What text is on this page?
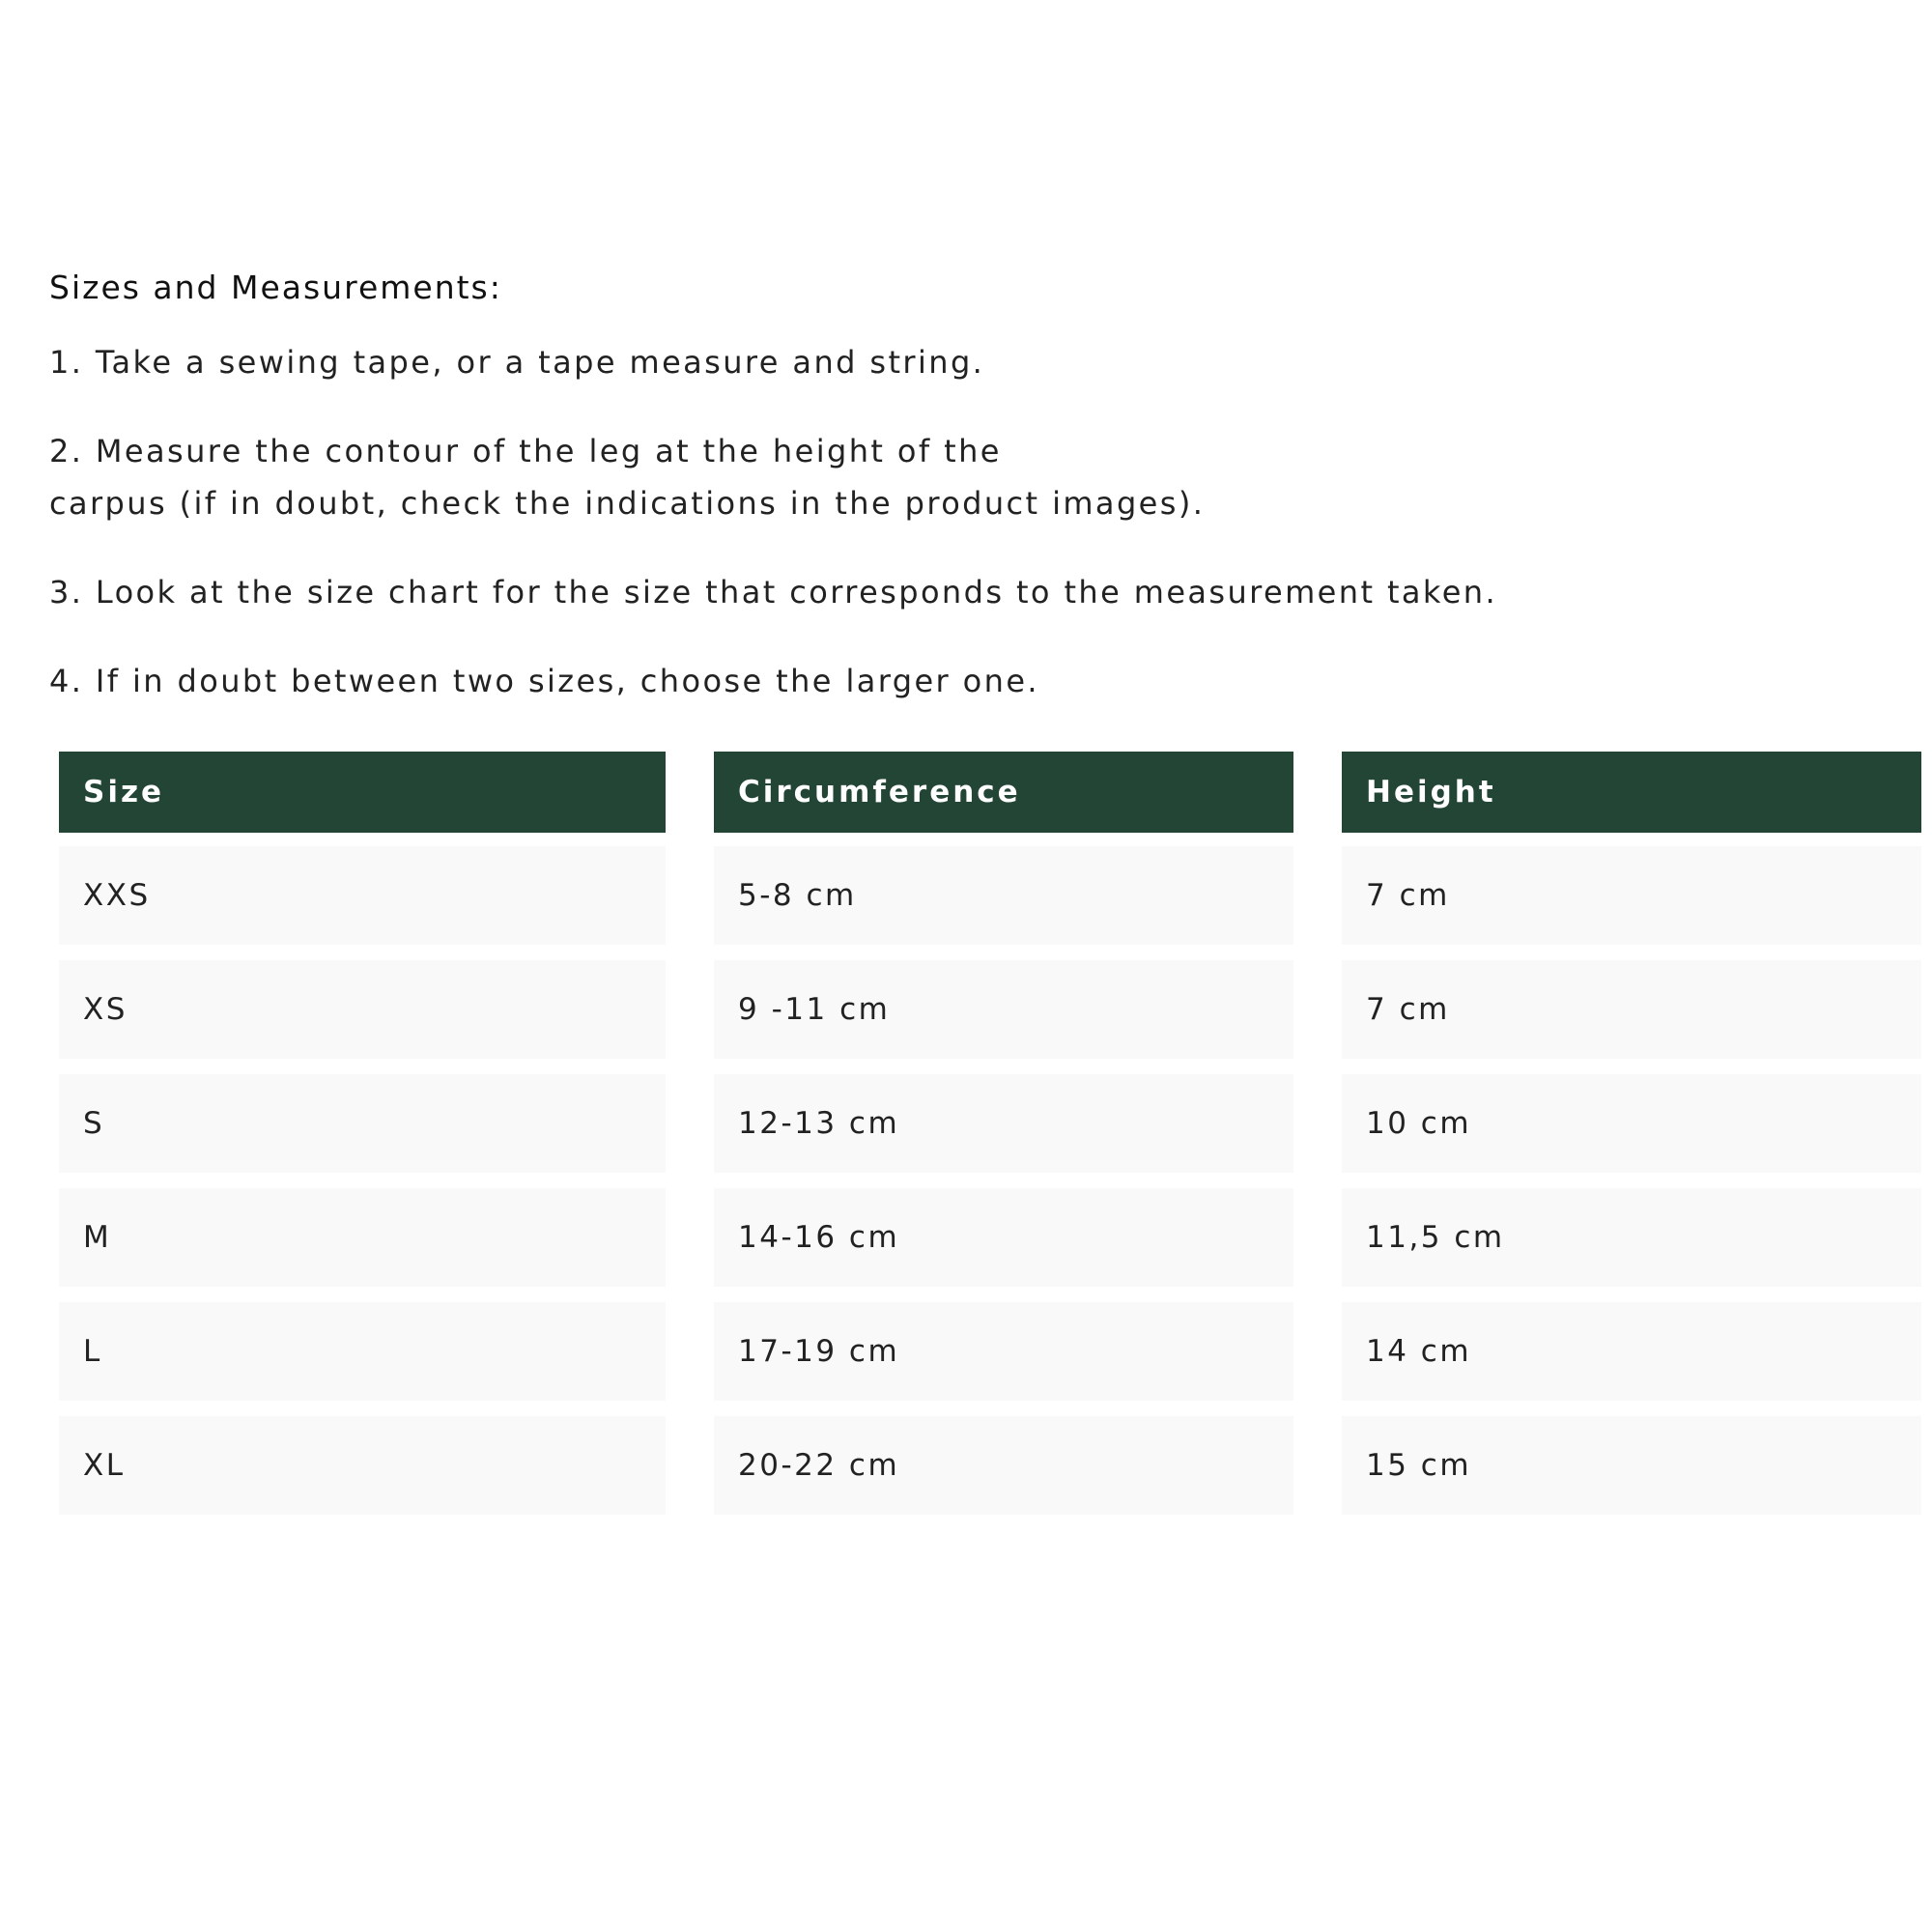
Sizes and Measurements:

1. Take a sewing tape, or a tape measure and string.

2. Measure the contour of the leg at the height of the
carpus (if in doubt, check the indications in the product images).

3. Look at the size chart for the size that corresponds to the measurement taken.

4. If in doubt between two sizes, choose the larger one.

Size
XXS
XS
S
M
L
XL
Circumference
5-8 cm
9 -11 cm
12-13 cm
14-16 cm
17-19 cm
20-22 cm
Height
7 cm
7 cm
10 cm
11,5 cm
14 cm
15 cm
